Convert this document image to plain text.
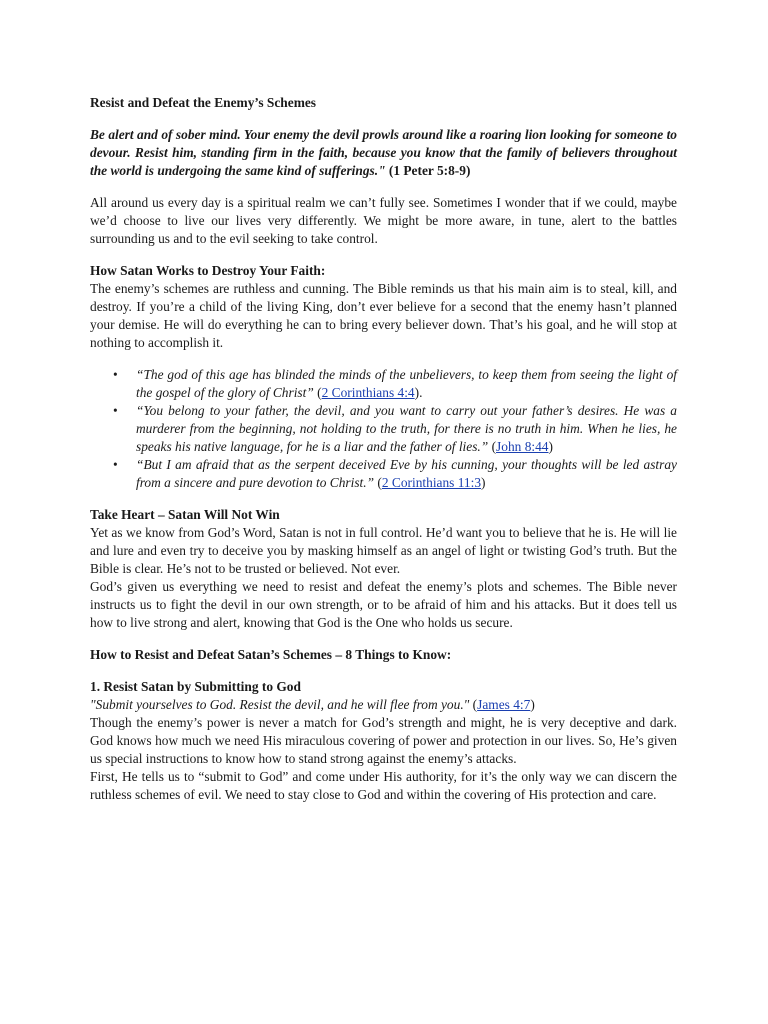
Resist and Defeat the Enemy’s Schemes

Be alert and of sober mind. Your enemy the devil prowls around like a roaring lion looking for someone to devour. Resist him, standing firm in the faith, because you know that the family of believers throughout the world is undergoing the same kind of sufferings." (1 Peter 5:8-9)

All around us every day is a spiritual realm we can’t fully see. Sometimes I wonder that if we could, maybe we’d choose to live our lives very differently. We might be more aware, in tune, alert to the battles surrounding us and to the evil seeking to take control.

How Satan Works to Destroy Your Faith:

The enemy’s schemes are ruthless and cunning. The Bible reminds us that his main aim is to steal, kill, and destroy. If you’re a child of the living King, don’t ever believe for a second that the enemy hasn’t planned your demise. He will do everything he can to bring every believer down. That’s his goal, and he will stop at nothing to accomplish it.

• “The god of this age has blinded the minds of the unbelievers, to keep them from seeing the light of the gospel of the glory of Christ” (2 Corinthians 4:4).
• “You belong to your father, the devil, and you want to carry out your father’s desires. He was a murderer from the beginning, not holding to the truth, for there is no truth in him. When he lies, he speaks his native language, for he is a liar and the father of lies.” (John 8:44)
• “But I am afraid that as the serpent deceived Eve by his cunning, your thoughts will be led astray from a sincere and pure devotion to Christ.” (2 Corinthians 11:3)

Take Heart – Satan Will Not Win

Yet as we know from God’s Word, Satan is not in full control. He’d want you to believe that he is. He will lie and lure and even try to deceive you by masking himself as an angel of light or twisting God’s truth. But the Bible is clear. He’s not to be trusted or believed. Not ever.

God’s given us everything we need to resist and defeat the enemy’s plots and schemes. The Bible never instructs us to fight the devil in our own strength, or to be afraid of him and his attacks. But it does tell us how to live strong and alert, knowing that God is the One who holds us secure.

How to Resist and Defeat Satan’s Schemes – 8 Things to Know:

1. Resist Satan by Submitting to God

"Submit yourselves to God. Resist the devil, and he will flee from you." (James 4:7)

Though the enemy’s power is never a match for God’s strength and might, he is very deceptive and dark. God knows how much we need His miraculous covering of power and protection in our lives. So, He’s given us special instructions to know how to stand strong against the enemy’s attacks.

First, He tells us to “submit to God” and come under His authority, for it’s the only way we can discern the ruthless schemes of evil. We need to stay close to God and within the covering of His protection and care.
